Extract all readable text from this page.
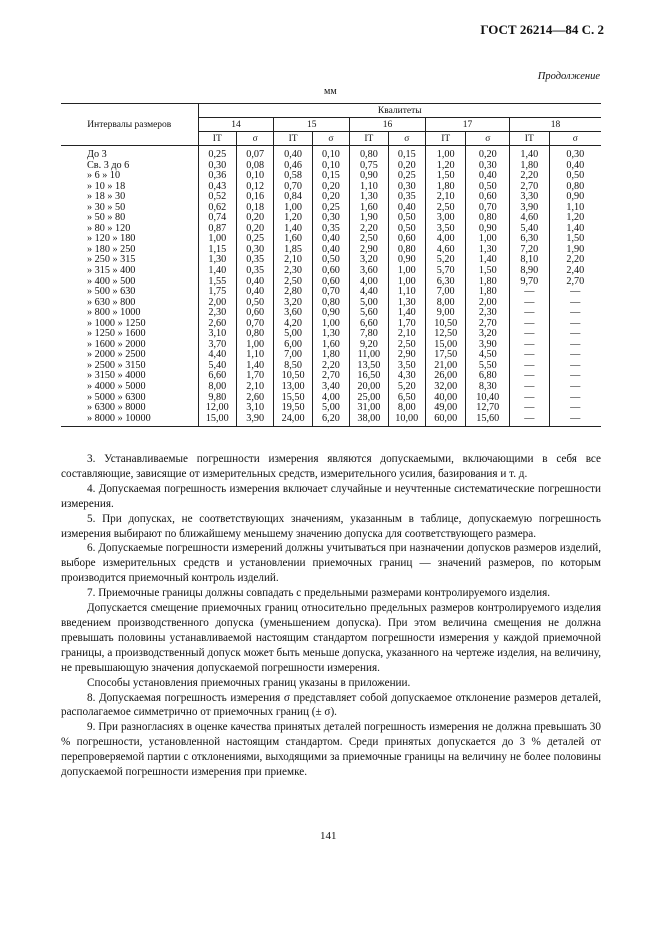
ГОСТ 26214—84 С. 2
Продолжение
мм
Интервалы размеров	Квалитеты									
	14		15		16		17		18	
	IT	σ	IT	σ	IT	σ	IT	σ	IT	σ
До 3	0,25	0,07	0,40	0,10	0,80	0,15	1,00	0,20	1,40	0,30
Св. 3 до 6	0,30	0,08	0,46	0,10	0,75	0,20	1,20	0,30	1,80	0,40
» 6 » 10	0,36	0,10	0,58	0,15	0,90	0,25	1,50	0,40	2,20	0,50
» 10 » 18	0,43	0,12	0,70	0,20	1,10	0,30	1,80	0,50	2,70	0,80
» 18 » 30	0,52	0,16	0,84	0,20	1,30	0,35	2,10	0,60	3,30	0,90
» 30 » 50	0,62	0,18	1,00	0,25	1,60	0,40	2,50	0,70	3,90	1,10
» 50 » 80	0,74	0,20	1,20	0,30	1,90	0,50	3,00	0,80	4,60	1,20
» 80 » 120	0,87	0,20	1,40	0,35	2,20	0,50	3,50	0,90	5,40	1,40
» 120 » 180	1,00	0,25	1,60	0,40	2,50	0,60	4,00	1,00	6,30	1,50
» 180 » 250	1,15	0,30	1,85	0,40	2,90	0,80	4,60	1,30	7,20	1,90
» 250 » 315	1,30	0,35	2,10	0,50	3,20	0,90	5,20	1,40	8,10	2,20
» 315 » 400	1,40	0,35	2,30	0,60	3,60	1,00	5,70	1,50	8,90	2,40
» 400 » 500	1,55	0,40	2,50	0,60	4,00	1,00	6,30	1,80	9,70	2,70
» 500 » 630	1,75	0,40	2,80	0,70	4,40	1,10	7,00	1,80	—	—
» 630 » 800	2,00	0,50	3,20	0,80	5,00	1,30	8,00	2,00	—	—
» 800 » 1000	2,30	0,60	3,60	0,90	5,60	1,40	9,00	2,30	—	—
» 1000 » 1250	2,60	0,70	4,20	1,00	6,60	1,70	10,50	2,70	—	—
» 1250 » 1600	3,10	0,80	5,00	1,30	7,80	2,10	12,50	3,20	—	—
» 1600 » 2000	3,70	1,00	6,00	1,60	9,20	2,50	15,00	3,90	—	—
» 2000 » 2500	4,40	1,10	7,00	1,80	11,00	2,90	17,50	4,50	—	—
» 2500 » 3150	5,40	1,40	8,50	2,20	13,50	3,50	21,00	5,50	—	—
» 3150 » 4000	6,60	1,70	10,50	2,70	16,50	4,30	26,00	6,80	—	—
» 4000 » 5000	8,00	2,10	13,00	3,40	20,00	5,20	32,00	8,30	—	—
» 5000 » 6300	9,80	2,60	15,50	4,00	25,00	6,50	40,00	10,40	—	—
» 6300 » 8000	12,00	3,10	19,50	5,00	31,00	8,00	49,00	12,70	—	—
» 8000 » 10000	15,00	3,90	24,00	6,20	38,00	10,00	60,00	15,60	—	—

3. Устанавливаемые погрешности измерения являются допускаемыми, включающими в себя все составляющие, зависящие от измерительных средств, измерительного усилия, базирования и т. д.

4. Допускаемая погрешность измерения включает случайные и неучтенные систематические погрешности измерения.

5. При допусках, не соответствующих значениям, указанным в таблице, допускаемую погрешность измерения выбирают по ближайшему меньшему значению допуска для соответствующего размера.

6. Допускаемые погрешности измерений должны учитываться при назначении допусков размеров изделий, выборе измерительных средств и установлении приемочных границ — значений размеров, по которым производится приемочный контроль изделий.

7. Приемочные границы должны совпадать с предельными размерами контролируемого изделия.

Допускается смещение приемочных границ относительно предельных размеров контролируемого изделия введением производственного допуска (уменьшением допуска). При этом величина смещения не должна превышать половины устанавливаемой настоящим стандартом погрешности измерения у каждой приемочной границы, а производственный допуск может быть меньше допуска, указанного на чертеже изделия, на величину, не превышающую значения допускаемой погрешности измерения.

Способы установления приемочных границ указаны в приложении.

8. Допускаемая погрешность измерения σ представляет собой допускаемое отклонение размеров деталей, располагаемое симметрично от приемочных границ (± σ).

9. При разногласиях в оценке качества принятых деталей погрешность измерения не должна превышать 30 % погрешности, установленной настоящим стандартом. Среди принятых допускается до 3 % деталей от перепроверяемой партии с отклонениями, выходящими за приемочные границы на величину не более половины допускаемой погрешности измерения при приемке.

141
